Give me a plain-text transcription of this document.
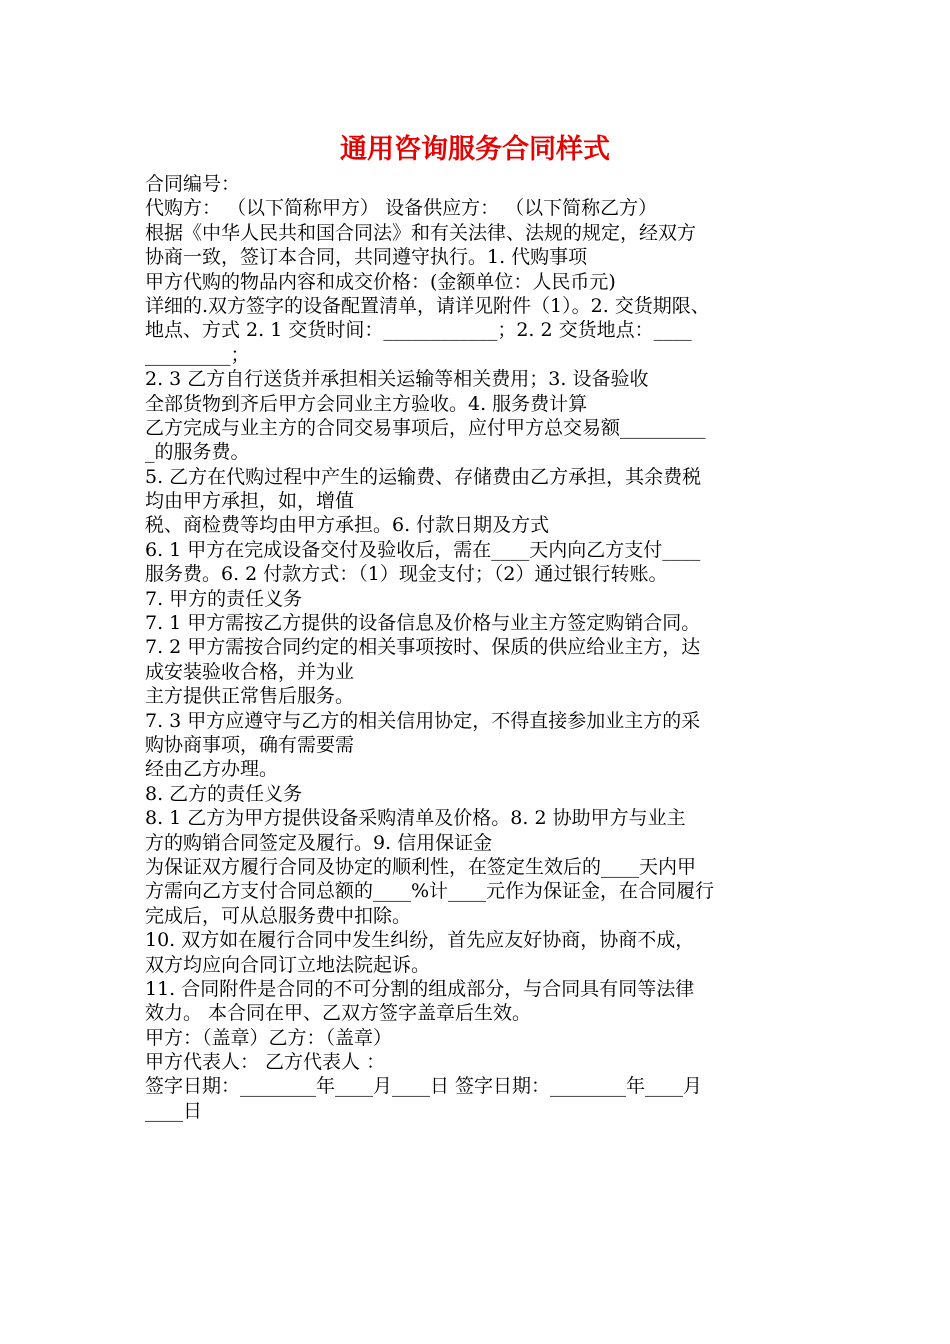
通用咨询服务合同样式
合同编号：
代购方： （以下简称甲方） 设备供应方： （以下简称乙方）
根据《中华人民共和国合同法》和有关法律、法规的规定，经双方
协商一致，签订本合同，共同遵守执行。1. 代购事项
甲方代购的物品内容和成交价格：(金额单位：人民币元)
详细的.双方签字的设备配置清单，请详见附件（1）。2. 交货期限、
地点、方式 2. 1 交货时间：____________；2. 2 交货地点：____
_________；
2. 3 乙方自行送货并承担相关运输等相关费用；3. 设备验收
全部货物到齐后甲方会同业主方验收。4. 服务费计算
乙方完成与业主方的合同交易事项后，应付甲方总交易额_________
_的服务费。
5. 乙方在代购过程中产生的运输费、存储费由乙方承担，其余费税
均由甲方承担，如，增值
税、商检费等均由甲方承担。6. 付款日期及方式
6. 1 甲方在完成设备交付及验收后，需在____天内向乙方支付____
服务费。6. 2 付款方式：（1）现金支付；（2）通过银行转账。
7. 甲方的责任义务
7. 1 甲方需按乙方提供的设备信息及价格与业主方签定购销合同。
7. 2 甲方需按合同约定的相关事项按时、保质的供应给业主方，达
成安装验收合格，并为业
主方提供正常售后服务。
7. 3 甲方应遵守与乙方的相关信用协定，不得直接参加业主方的采
购协商事项，确有需要需
经由乙方办理。
8. 乙方的责任义务
8. 1 乙方为甲方提供设备采购清单及价格。8. 2 协助甲方与业主
方的购销合同签定及履行。9. 信用保证金
为保证双方履行合同及协定的顺利性，在签定生效后的____天内甲
方需向乙方支付合同总额的____%计____元作为保证金，在合同履行
完成后，可从总服务费中扣除。
10. 双方如在履行合同中发生纠纷，首先应友好协商，协商不成，
双方均应向合同订立地法院起诉。
11. 合同附件是合同的不可分割的组成部分，与合同具有同等法律
效力。 本合同在甲、乙双方签字盖章后生效。
甲方：（盖章）乙方：（盖章）
甲方代表人： 乙方代表人 ：
签字日期：________年____月____日 签字日期：________年____月
____日
